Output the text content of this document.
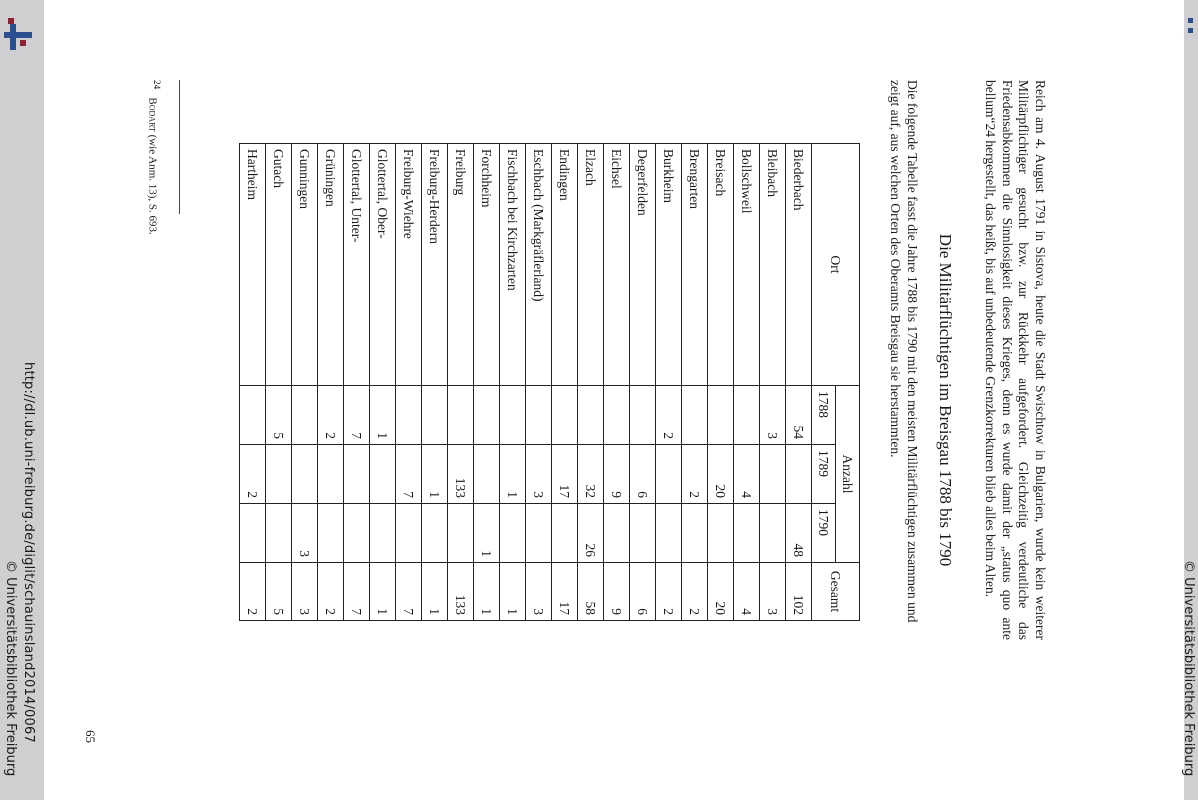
© Universitätsbibliothek Freiburg
Reich am 4. August 1791 in Sistova, heute die Stadt Swischtow in Bulgarien, wurde kein weiterer Militärpflichtiger gesucht bzw. zur Rückkehr aufgefordert. Gleichzeitig verdeutliche das Friedensabkommen die Sinnlosigkeit dieses Krieges, denn es wurde damit der „status quo ante bellum“24 hergestellt, das heißt, bis auf unbedeutende Grenzkorrekturen blieb alles beim Alten.
Die Militärflüchtigen im Breisgau 1788 bis 1790
Die folgende Tabelle fasst die Jahre 1788 bis 1790 mit den meisten Militärflüchtigen zusammen und zeigt auf, aus welchen Orten des Oberamts Breisgau sie herstammten.
Ort	Anzahl			Gesamt
	1788	1789	1790	
Biederbach	54		48	102
Bleibach	3			3
Bollschweil		4		4
Breisach		20		20
Brengarten		2		2
Burkheim	2			2
Degerfelden		6		6
Eichsel		9		9
Elzach		32	26	58
Endingen		17		17
Eschbach (Markgräflerland)		3		3
Fischbach bei Kirchzarten		1		1
Forchheim			1	1
Freiburg		133		133
Freiburg-Herdern		1		1
Freiburg-Wiehre		7		7
Glottertal, Ober-	1			1
Glottertal, Unter-	7			7
Grüningen	2			2
Gunningen			3	3
Gutach	5			5
Hartheim		2		2
$^{24}$   Bodart (wie Anm. 13), S. 693.
65
http://dl.ub.uni-freiburg.de/diglit/schauinsland2014/0067
© Universitätsbibliothek Freiburg
